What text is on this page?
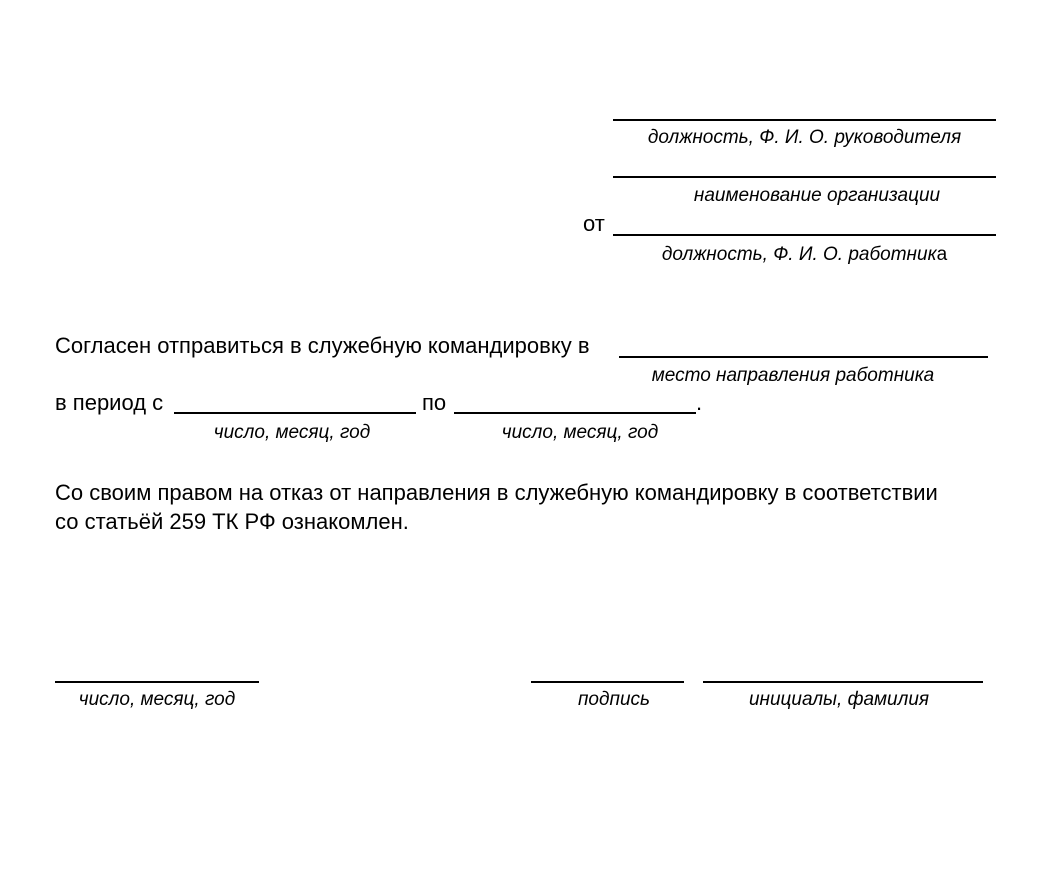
должность, Ф. И. О. руководителя
наименование организации
от
должность, Ф. И. О. работника
Согласен отправиться в служебную командировку в
место направления работника
в период с	по	.
число, месяц, год	число, месяц, год
Со своим правом на отказ от направления в служебную командировку в соответствии
со статьёй 259 ТК РФ ознакомлен.
число, месяц, год	подпись	инициалы, фамилия
